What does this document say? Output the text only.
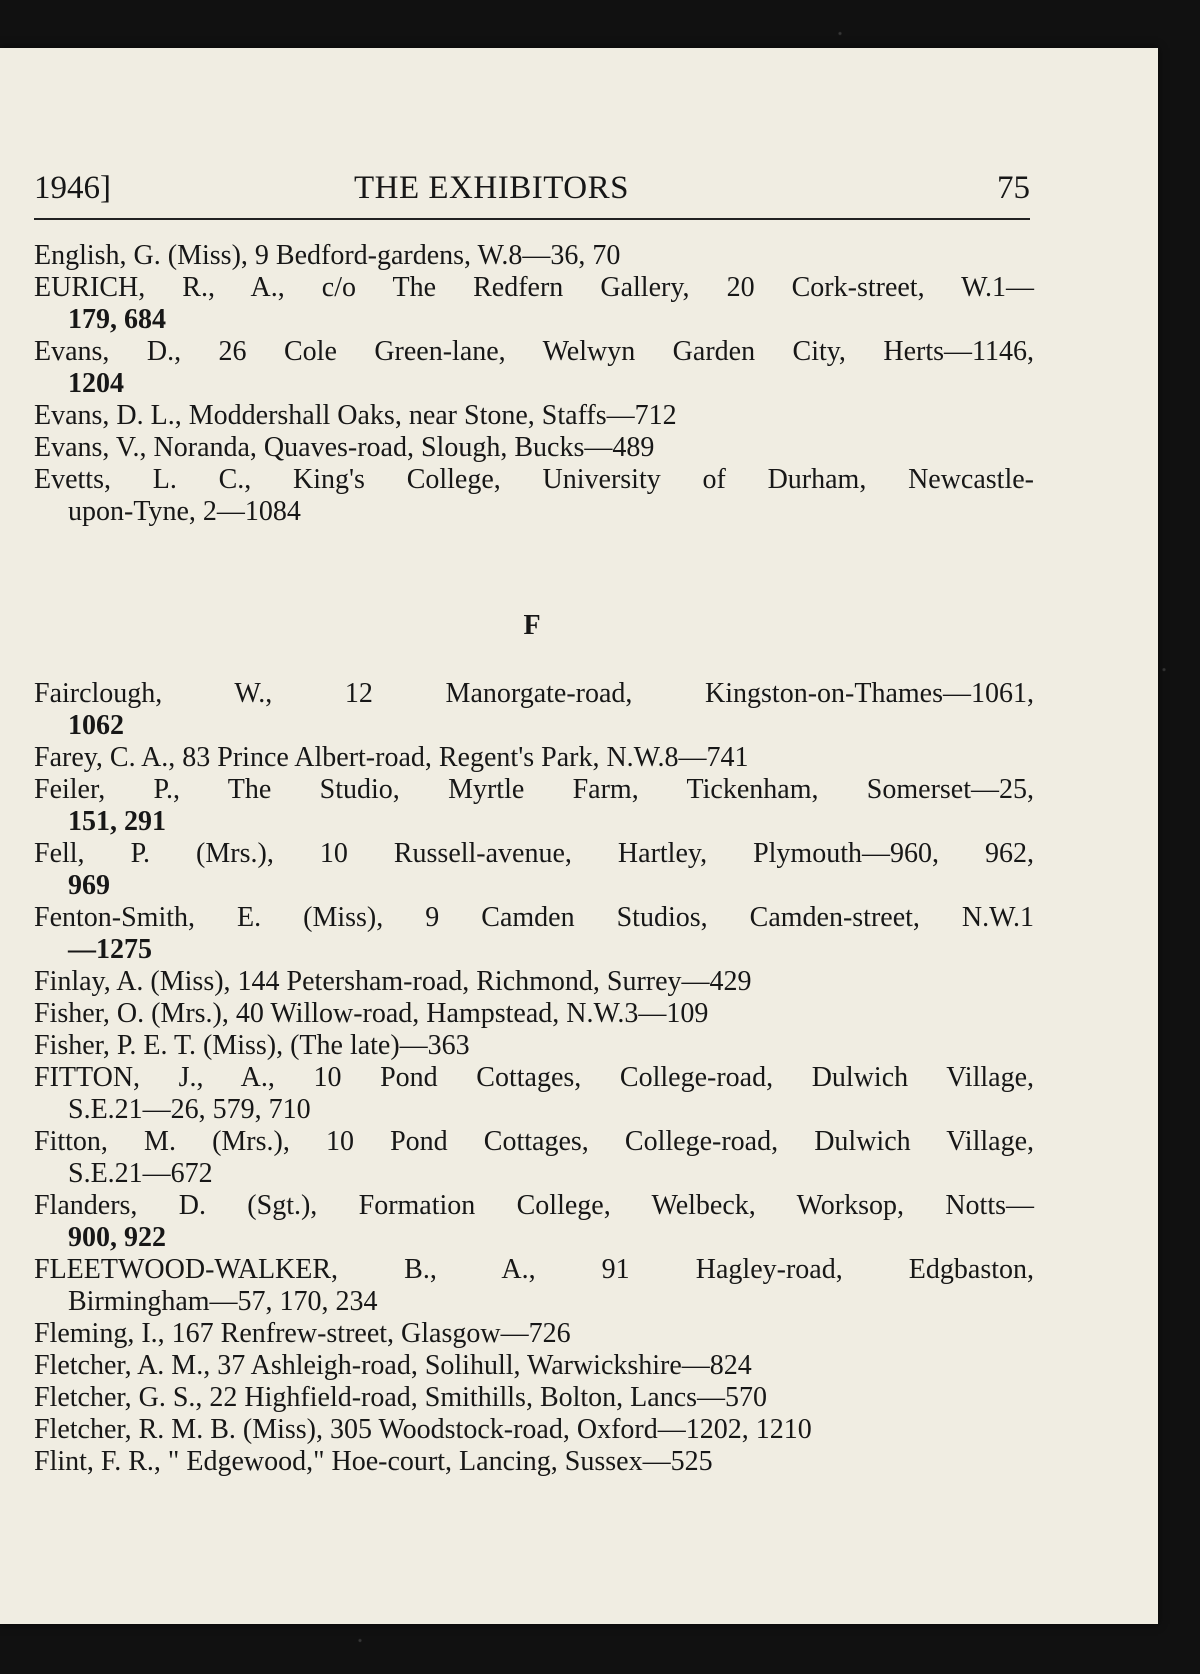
1946]	THE EXHIBITORS	75
English, G. (Miss), 9 Bedford-gardens, W.8—36, 70
EURICH, R., A., c/o The Redfern Gallery, 20 Cork-street, W.1—
179, 684
Evans, D., 26 Cole Green-lane, Welwyn Garden City, Herts—1146,
1204
Evans, D. L., Moddershall Oaks, near Stone, Staffs—712
Evans, V., Noranda, Quaves-road, Slough, Bucks—489
Evetts, L. C., King's College, University of Durham, Newcastle-
upon-Tyne, 2—1084
F
Fairclough, W., 12 Manorgate-road, Kingston-on-Thames—1061,
1062
Farey, C. A., 83 Prince Albert-road, Regent's Park, N.W.8—741
Feiler, P., The Studio, Myrtle Farm, Tickenham, Somerset—25,
151, 291
Fell, P. (Mrs.), 10 Russell-avenue, Hartley, Plymouth—960, 962,
969
Fenton-Smith, E. (Miss), 9 Camden Studios, Camden-street, N.W.1
—1275
Finlay, A. (Miss), 144 Petersham-road, Richmond, Surrey—429
Fisher, O. (Mrs.), 40 Willow-road, Hampstead, N.W.3—109
Fisher, P. E. T. (Miss), (The late)—363
FITTON, J., A., 10 Pond Cottages, College-road, Dulwich Village,
S.E.21—26, 579, 710
Fitton, M. (Mrs.), 10 Pond Cottages, College-road, Dulwich Village,
S.E.21—672
Flanders, D. (Sgt.), Formation College, Welbeck, Worksop, Notts—
900, 922
FLEETWOOD-WALKER, B., A., 91 Hagley-road, Edgbaston,
Birmingham—57, 170, 234
Fleming, I., 167 Renfrew-street, Glasgow—726
Fletcher, A. M., 37 Ashleigh-road, Solihull, Warwickshire—824
Fletcher, G. S., 22 Highfield-road, Smithills, Bolton, Lancs—570
Fletcher, R. M. B. (Miss), 305 Woodstock-road, Oxford—1202, 1210
Flint, F. R., " Edgewood," Hoe-court, Lancing, Sussex—525
